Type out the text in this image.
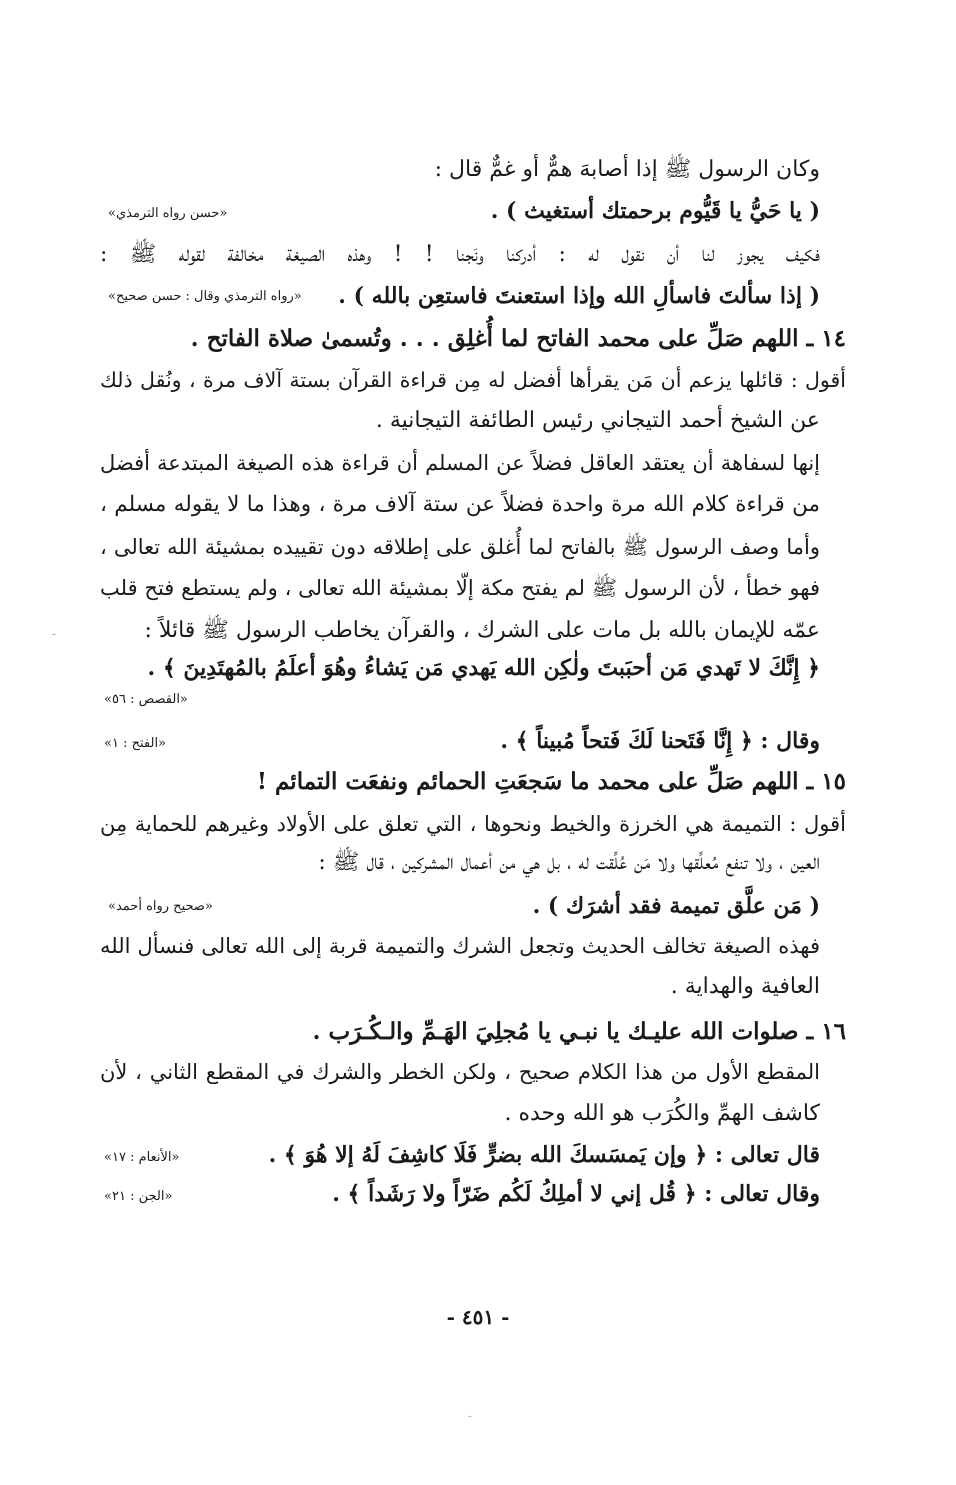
وكان الرسول ﷺ إذا أصابهَ همٌّ أو غمٌّ قال :
( يا حَيُّ يا قَيُّوم برحمتك أستغيث ) .
فكيف يجوز لنا أن نقول له : أدركنا ونَجنا ! ! وهذه الصيغة مخالفة لقوله ﷺ :
( إذا سألتَ فاسألِ الله وإذا استعنتَ فاستعِن بالله ) .
١٤ ـ اللهم صَلِّ على محمد الفاتح لما أُغلِق . . . وتُسمىٰ صلاة الفاتح .
أقول : قائلها يزعم أن مَن يقرأها أفضل له مِن قراءة القرآن بستة آلاف مرة ، ونُقل ذلك
عن الشيخ أحمد التيجاني رئيس الطائفة التيجانية .
إنها لسفاهة أن يعتقد العاقل فضلاً عن المسلم أن قراءة هذه الصيغة المبتدعة أفضل
من قراءة كلام الله مرة واحدة فضلاً عن ستة آلاف مرة ، وهذا ما لا يقوله مسلم ،
وأما وصف الرسول ﷺ بالفاتح لما أُغلق على إطلاقه دون تقييده بمشيئة الله تعالى ،
فهو خطأ ، لأن الرسول ﷺ لم يفتح مكة إلّا بمشيئة الله تعالى ، ولم يستطع فتح قلب
عمّه للإيمان بالله بل مات على الشرك ، والقرآن يخاطب الرسول ﷺ قائلاً :
﴿ إِنَّكَ لا تَهدي مَن أحبَبتَ ولٰكِن الله يَهدي مَن يَشاءُ وهُوَ أعلَمُ بالمُهتَدِينَ ﴾ .
وقال : ﴿ إِنَّا فَتَحنا لَكَ فَتحاً مُبيناً ﴾ .
١٥ ـ اللهم صَلِّ على محمد ما سَجعَتِ الحمائم ونفعَت التمائم !
أقول : التميمة هي الخرزة والخيط ونحوها ، التي تعلق على الأولاد وغيرهم للحماية مِن
العين ، ولا تنفع مُعلِّقها ولا مَن عُلِّقت له ، بل هي من أعمال المشركين ، قال ﷺ :
( مَن علَّق تميمة فقد أشرَك ) .
فهذه الصيغة تخالف الحديث وتجعل الشرك والتميمة قربة إلى الله تعالى فنسأل الله
العافية والهداية .
١٦ ـ صلوات الله عليـك يا نبـي يا مُجلِيَ الهَـمِّ والـكُـرَب .
المقطع الأول من هذا الكلام صحيح ، ولكن الخطر والشرك في المقطع الثاني ، لأن
كاشف الهمِّ والكُرَب هو الله وحده .
قال تعالى : ﴿ وإن يَمسَسكَ الله بضرٍّ فَلَا كاشِفَ لَهُ إلا هُوَ ﴾ .
وقال تعالى : ﴿ قُل إني لا أملِكُ لَكُم ضَرّاً ولا رَشَداً ﴾ .
«حسن رواه الترمذي»
«رواه الترمذي وقال : حسن صحيح»
«القصص : ٥٦»
«الفتح : ١»
«صحيح رواه أحمد»
«الأنعام : ١٧»
«الجن : ٢١»
- ٤٥١ -
ـ
ـ
